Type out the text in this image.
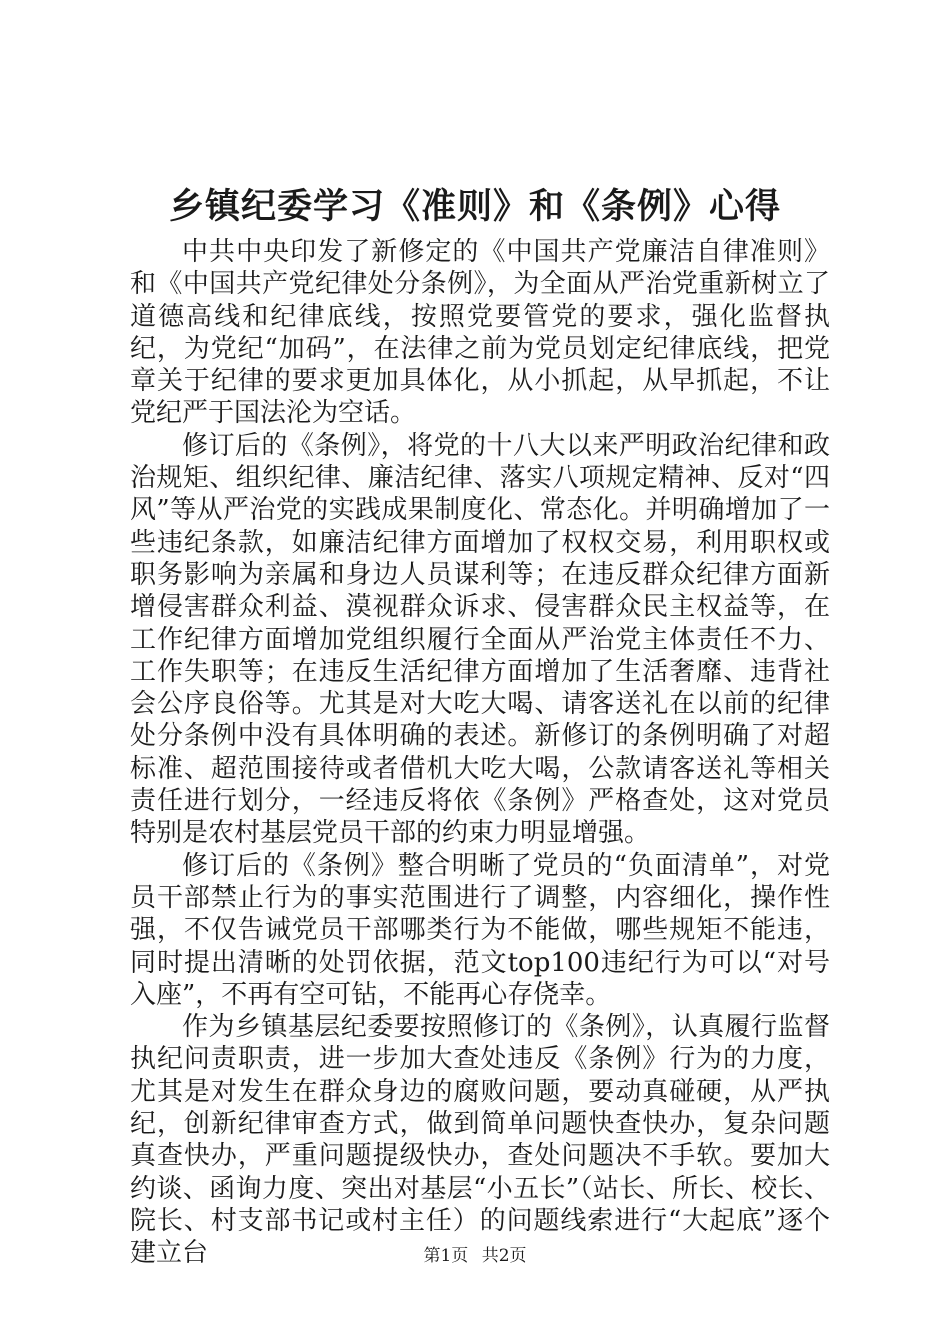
乡镇纪委学习《准则》和《条例》心得

中共中央印发了新修定的《中国共产党廉洁自律准则》和《中国共产党纪律处分条例》，为全面从严治党重新树立了道德高线和纪律底线，按照党要管党的要求，强化监督执纪，为党纪“加码”，在法律之前为党员划定纪律底线，把党章关于纪律的要求更加具体化，从小抓起，从早抓起，不让党纪严于国法沦为空话。

修订后的《条例》，将党的十八大以来严明政治纪律和政治规矩、组织纪律、廉洁纪律、落实八项规定精神、反对“四风”等从严治党的实践成果制度化、常态化。并明确增加了一些违纪条款，如廉洁纪律方面增加了权权交易，利用职权或职务影响为亲属和身边人员谋利等；在违反群众纪律方面新增侵害群众利益、漠视群众诉求、侵害群众民主权益等，在工作纪律方面增加党组织履行全面从严治党主体责任不力、工作失职等；在违反生活纪律方面增加了生活奢靡、违背社会公序良俗等。尤其是对大吃大喝、请客送礼在以前的纪律处分条例中没有具体明确的表述。新修订的条例明确了对超标准、超范围接待或者借机大吃大喝，公款请客送礼等相关责任进行划分，一经违反将依《条例》严格查处，这对党员特别是农村基层党员干部的约束力明显增强。

修订后的《条例》整合明晰了党员的“负面清单”，对党员干部禁止行为的事实范围进行了调整，内容细化，操作性强，不仅告诫党员干部哪类行为不能做，哪些规矩不能违，同时提出清晰的处罚依据，范文top100违纪行为可以“对号入座”，不再有空可钻，不能再心存侥幸。

作为乡镇基层纪委要按照修订的《条例》，认真履行监督执纪问责职责，进一步加大查处违反《条例》行为的力度，尤其是对发生在群众身边的腐败问题，要动真碰硬，从严执纪，创新纪律审查方式，做到简单问题快查快办，复杂问题真查快办，严重问题提级快办，查处问题决不手软。要加大约谈、函询力度、突出对基层“小五长”（站长、所长、校长、院长、村支部书记或村主任）的问题线索进行“大起底”逐个建立台	第1页 共2页
